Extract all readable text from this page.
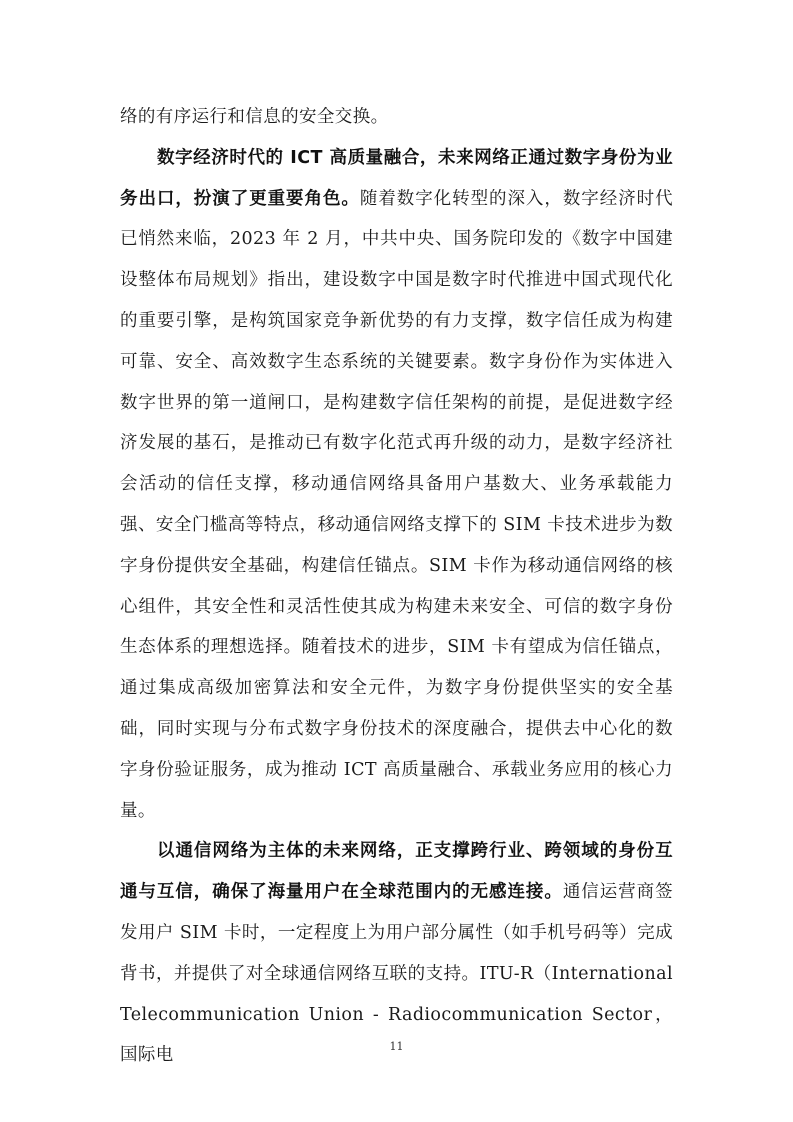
络的有序运行和信息的安全交换。

数字经济时代的 ICT 高质量融合，未来网络正通过数字身份为业务出口，扮演了更重要角色。随着数字化转型的深入，数字经济时代已悄然来临，2023 年 2 月，中共中央、国务院印发的《数字中国建设整体布局规划》指出，建设数字中国是数字时代推进中国式现代化的重要引擎，是构筑国家竞争新优势的有力支撑，数字信任成为构建可靠、安全、高效数字生态系统的关键要素。数字身份作为实体进入数字世界的第一道闸口，是构建数字信任架构的前提，是促进数字经济发展的基石，是推动已有数字化范式再升级的动力，是数字经济社会活动的信任支撑，移动通信网络具备用户基数大、业务承载能力强、安全门槛高等特点，移动通信网络支撑下的 SIM 卡技术进步为数字身份提供安全基础，构建信任锚点。SIM 卡作为移动通信网络的核心组件，其安全性和灵活性使其成为构建未来安全、可信的数字身份生态体系的理想选择。随着技术的进步，SIM 卡有望成为信任锚点，通过集成高级加密算法和安全元件，为数字身份提供坚实的安全基础，同时实现与分布式数字身份技术的深度融合，提供去中心化的数字身份验证服务，成为推动 ICT 高质量融合、承载业务应用的核心力量。

以通信网络为主体的未来网络，正支撑跨行业、跨领域的身份互通与互信，确保了海量用户在全球范围内的无感连接。通信运营商签发用户 SIM 卡时，一定程度上为用户部分属性（如手机号码等）完成背书，并提供了对全球通信网络互联的支持。ITU-R（International Telecommunication Union - Radiocommunication Sector，国际电	11
